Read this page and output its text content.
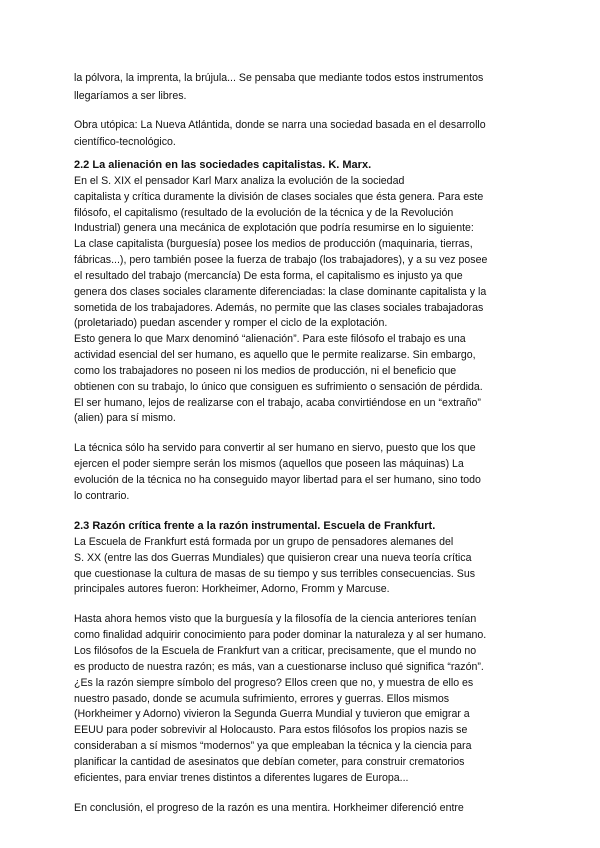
la pólvora, la imprenta, la brújula... Se pensaba que mediante todos estos instrumentos

llegaríamos a ser libres.

Obra utópica: La Nueva Atlántida, donde se narra una sociedad basada en el desarrollo

científico-tecnológico.

2.2 La alienación en las sociedades capitalistas. K. Marx.

En el S. XIX el pensador Karl Marx analiza la evolución de la sociedad

capitalista y crítica duramente la división de clases sociales que ésta genera. Para este

filósofo, el capitalismo (resultado de la evolución de la técnica y de la Revolución

Industrial) genera una mecánica de explotación que podría resumirse en lo siguiente:

La clase capitalista (burguesía) posee los medios de producción (maquinaria, tierras,

fábricas...), pero también posee la fuerza de trabajo (los trabajadores), y a su vez posee

el resultado del trabajo (mercancía) De esta forma, el capitalismo es injusto ya que

genera dos clases sociales claramente diferenciadas: la clase dominante capitalista y la

sometida de los trabajadores. Además, no permite que las clases sociales trabajadoras

(proletariado) puedan ascender y romper el ciclo de la explotación.

Esto genera lo que Marx denominó “alienación”. Para este filósofo el trabajo es una

actividad esencial del ser humano, es aquello que le permite realizarse. Sin embargo,

como los trabajadores no poseen ni los medios de producción, ni el beneficio que

obtienen con su trabajo, lo único que consiguen es sufrimiento o sensación de pérdida.

El ser humano, lejos de realizarse con el trabajo, acaba convirtiéndose en un “extraño”

(alien) para sí mismo.

La técnica sólo ha servido para convertir al ser humano en siervo, puesto que los que

ejercen el poder siempre serán los mismos (aquellos que poseen las máquinas) La

evolución de la técnica no ha conseguido mayor libertad para el ser humano, sino todo

lo contrario.

2.3 Razón crítica frente a la razón instrumental. Escuela de Frankfurt.

La Escuela de Frankfurt está formada por un grupo de pensadores alemanes del

S. XX (entre las dos Guerras Mundiales) que quisieron crear una nueva teoría crítica

que cuestionase la cultura de masas de su tiempo y sus terribles consecuencias. Sus

principales autores fueron: Horkheimer, Adorno, Fromm y Marcuse.

Hasta ahora hemos visto que la burguesía y la filosofía de la ciencia anteriores tenían

como finalidad adquirir conocimiento para poder dominar la naturaleza y al ser humano.

Los filósofos de la Escuela de Frankfurt van a criticar, precisamente, que el mundo no

es producto de nuestra razón; es más, van a cuestionarse incluso qué significa “razón”.

¿Es la razón siempre símbolo del progreso? Ellos creen que no, y muestra de ello es

nuestro pasado, donde se acumula sufrimiento, errores y guerras. Ellos mismos

(Horkheimer y Adorno) vivieron la Segunda Guerra Mundial y tuvieron que emigrar a

EEUU para poder sobrevivir al Holocausto. Para estos filósofos los propios nazis se

consideraban a sí mismos “modernos” ya que empleaban la técnica y la ciencia para

planificar la cantidad de asesinatos que debían cometer, para construir crematorios

eficientes, para enviar trenes distintos a diferentes lugares de Europa...

En conclusión, el progreso de la razón es una mentira. Horkheimer diferenció entre
